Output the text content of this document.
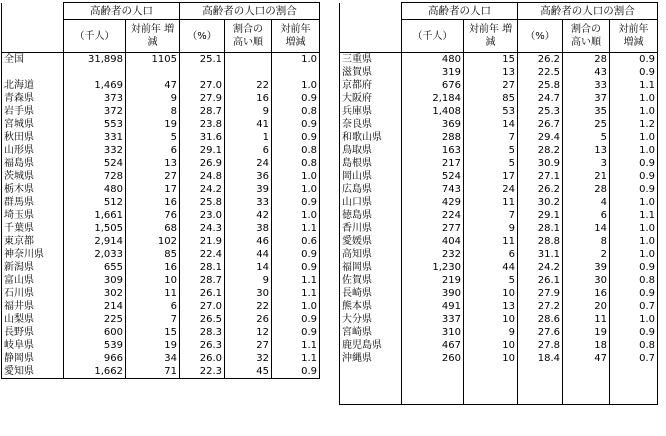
	高齢者の人口		高齢者の人口の割合		
	（千人）	対前年 増減	（%）	割合の 高い順	対前年 増減

全国	31,898	1105	25.1		1.0

北海道	1,469	47	27.0	22	1.0
青森県	373	9	27.9	16	0.9
岩手県	372	8	28.7	9	0.8
宮城県	553	19	23.8	41	0.9
秋田県	331	5	31.6	1	0.9
山形県	332	6	29.1	6	0.8
福島県	524	13	26.9	24	0.8
茨城県	728	27	24.8	36	1.0
栃木県	480	17	24.2	39	1.0
群馬県	512	16	25.8	33	0.9
埼玉県	1,661	76	23.0	42	1.0
千葉県	1,505	68	24.3	38	1.1
東京都	2,914	102	21.9	46	0.6
神奈川県	2,033	85	22.4	44	0.9
新潟県	655	16	28.1	14	0.9
富山県	309	10	28.7	9	1.1
石川県	302	11	26.1	30	1.1
福井県	214	6	27.0	22	1.0
山梨県	225	7	26.5	26	0.9
長野県	600	15	28.3	12	0.9
岐阜県	539	19	26.3	27	1.1
静岡県	966	34	26.0	32	1.1
愛知県	1,662	71	22.3	45	0.9
	高齢者の人口		高齢者の人口の割合		
	（千人）	対前年 増減	（%）	割合の 高い順	対前年 増減

三重県	480	15	26.2	28	0.9
滋賀県	319	13	22.5	43	0.9
京都府	676	27	25.8	33	1.1
大阪府	2,184	85	24.7	37	1.0
兵庫県	1,408	53	25.3	35	1.0
奈良県	369	14	26.7	25	1.2
和歌山県	288	7	29.4	5	1.0
鳥取県	163	5	28.2	13	1.0
島根県	217	5	30.9	3	0.9
岡山県	524	17	27.1	21	0.9
広島県	743	24	26.2	28	0.9
山口県	429	11	30.2	4	1.0
徳島県	224	7	29.1	6	1.1
香川県	277	9	28.1	14	1.0
愛媛県	404	11	28.8	8	1.0
高知県	232	6	31.1	2	1.0
福岡県	1,230	44	24.2	39	0.9
佐賀県	219	5	26.1	30	0.8
長崎県	390	10	27.9	16	0.9
熊本県	491	13	27.2	20	0.7
大分県	337	10	28.6	11	1.0
宮崎県	310	9	27.6	19	0.9
鹿児島県	467	10	27.8	18	0.8
沖縄県	260	10	18.4	47	0.7
